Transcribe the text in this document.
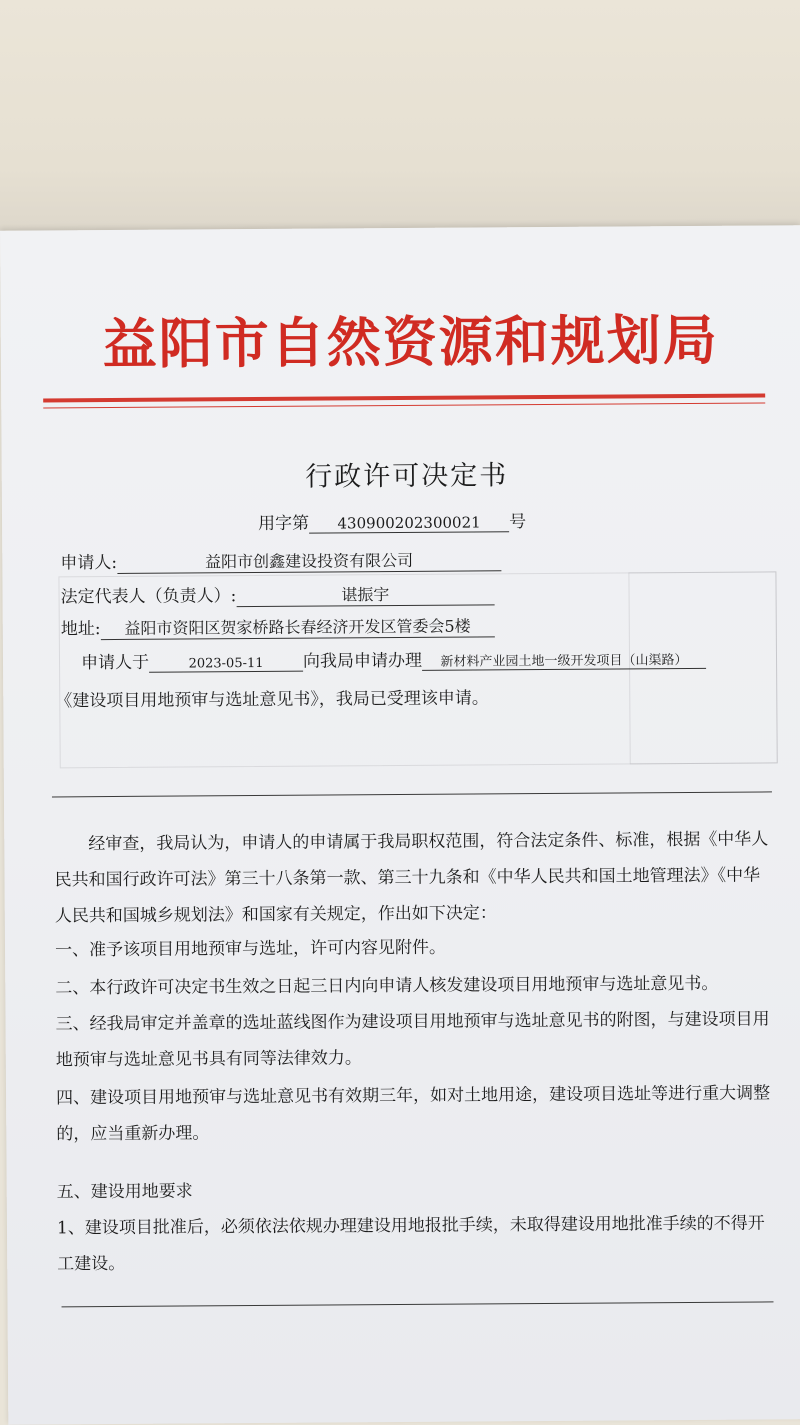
益阳市自然资源和规划局
行政许可决定书
用字第 430900202300021 号
申请人:	益阳市创鑫建设投资有限公司
法定代表人（负责人）:	谌振宇
地址: 益阳市资阳区贺家桥路长春经济开发区管委会5楼
申请人于	2023-05-11 向我局申请办理 新材料产业园土地一级开发项目（山渠路）
《建设项目用地预审与选址意见书》，我局已受理该申请。
经审查，我局认为，申请人的申请属于我局职权范围，符合法定条件、标准，根据《中华人民共和国行政许可法》第三十八条第一款、第三十九条和《中华人民共和国土地管理法》《中华人民共和国城乡规划法》和国家有关规定，作出如下决定：
一、准予该项目用地预审与选址，许可内容见附件。
二、本行政许可决定书生效之日起三日内向申请人核发建设项目用地预审与选址意见书。
三、经我局审定并盖章的选址蓝线图作为建设项目用地预审与选址意见书的附图，与建设项目用地预审与选址意见书具有同等法律效力。
四、建设项目用地预审与选址意见书有效期三年，如对土地用途，建设项目选址等进行重大调整的，应当重新办理。
五、建设用地要求
1、建设项目批准后，必须依法依规办理建设用地报批手续，未取得建设用地批准手续的不得开工建设。
